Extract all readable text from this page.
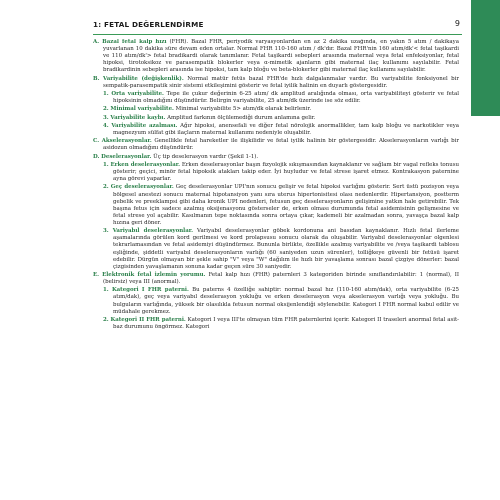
1: FETAL DEĞERLENDİRME	9

A. Bazal fetal kalp hızı (FHR). Bazal FHR, periyodik varyasyonlardan en az 2 dakika uzağında, en yakın 5 atım / dakikaya yuvarlanan 10 dakika süre devam eden ortalar. Normal FHR 110-160 atım / dk'dır. Bazal FHR'nin 160 atım/dk'< fetal taşikardi ve 110 atım/dk'> fetal bradikardi olarak tanımlanır. Fetal taşikardi sebepleri arasında maternal veya fetal enfeksiyonlar, fetal hipoksi, tirotoksikoz ve parasempatik blokerler veya α-mimetik ajanların gibi maternal ilaç kullanımı sayılabilir. Fetal bradikardinin sebepleri arasında ise hipoksi, tam kalp bloğu ve beta-blokerler gibi maternal ilaç kullanımı sayılabilir.

B. Variyabilite (değişkenlik). Normal matür fetüs bazal FHR'de hızlı dalgalanmalar vardır. Bu variyabilite fonksiyonel bir sempatik-parasempatik sinir sistemi etkileşimini gösterir ve fetal iyilik halinin en duyarlı göstergesidir.

1. Orta variyabilite. Tepe ile çukur değerinin 6-25 atım/ dk amplitud aralığında olması, orta variyabiliteyi gösterir ve fetal hipoksinin olmadığını düşündürür. Belirgin variyabilite, 25 atım/dk üzerinde ise söz edilir.

2. Minimal variyabilite. Minimal variyabilite 5> atım/dk olarak belirlenir.

3. Variyabilite kaybı. Amplitud farkının ölçülemediği durum anlamına gelir.

4. Variyabilite azalması. Ağır hipoksi, anensefali ve diğer fetal nörolojik anormallikler, tam kalp bloğu ve narkotikler veya magnezyum sülfat gibi ilaçların maternal kullanımı nedeniyle oluşabilir.

C. Akselerasyonlar. Genellikle fetal hareketler ile ilişkilidir ve fetal iyilik halinin bir göstergesidir. Akselerasyonların varlığı bir asidozun olmadığını düşündürür.

D. Deselerasyonlar. Üç tip deselerasyon vardır (Şekil 1-1).

1. Erken deselerasyonlar. Erken deselerasyonlar başın fizyolojik sıkışmasından kaynaklanır ve sağlam bir vagal refleks tonusu gösterir; geçici, minör fetal hipoksik atakları takip eder. İyi huyludur ve fetal strese işaret etmez. Kontrakasyon paternine ayna görevi yaparlar.

2. Geç deselerasyonlar. Geç deselerasyonlar UPI'nın sonucu gelişir ve fetal hipoksi varlığını gösterir. Sert üstü pozisyon veya bölgesel anestezi sonucu maternal hipotansiyon yanı sıra uterus hipertonisitesi olası nedenlerdir. Hipertansiyon, postterm gebelik ve preeklampsi gibi daha kronik UPI nedenleri, fetusun geç deselerasyonların gelişimine yatkın hale getirebilir. Tek başına fetus için sadece azalmış oksijenasyonu gösterseler de, erken olması durumunda fetal asidemisinin gelişmesine ve fetal strese yol açabilir. Kasılmanın tepe noktasında sonra ortaya çıkar, kademeli bir azalmadan sonra, yavaşça bazal kalp hızına geri döner.

3. Variyabıl deselerasyonlar. Variyabıl deselerasyonlar göbek kordonuna ani basıdan kaynaklanır. Hızlı fetal ilerleme aşamalarında görülen kord gerilmesi ve kord prolapsusu sonucu olarak da oluşabilir. Variyabıl deselerasyonlar olgenlesi tekrarlamasından ve fetal asidemiyi düşündürmez. Bununla birlikte, özellikle azalmış variyabilite ve /veya taşikardi tablosu eşliğinde, şiddetli variyabıl deselerasyonların varlığı (60 saniyeden uzun sürenler), tolliğkeye güvenli bir fetüsü işaret edebilir. Dürgün olmayan bir şekle sahip "V" veya "W" dağılım ile hızlı bir yavaşlama sonrası bazal çizgiye dönerler: bazal çizgisinden yavaşlamanın sonuna kadar geçen süre 30 saniyedir.

E. Elektronik fetal izlemin yorumu. Fetal kalp hızı (FHR) paternleri 3 kategoriden birinde sınıflandırılabilir: 1 (normal), II (belirsiz) veya III (anormal).

1. Kategori I FHR paterni. Bu paterns 4 özelliğe sahiptir: normal bazal hız (110-160 atım/dak), orta variyabilite (6-25 atım/dak), geç veya variyabıl deselerasyon yokluğu ve erken deselerasyon veya akselerasyon varlığı veya yokluğu. Bu bulguların varlığında, yüksek bir olasılıkla fetusun normal oksijenlendiği söylenebilir. Kategori I FHR normal kabul edilir ve müdahale gerekmez.

2. Kategori II FHR paterni. Kategori I veya III'te olmayan tüm FHR paternlerini içerir. Kategori II traseleri anormal fetal asit-baz durumunu öngörmez. Kategori
